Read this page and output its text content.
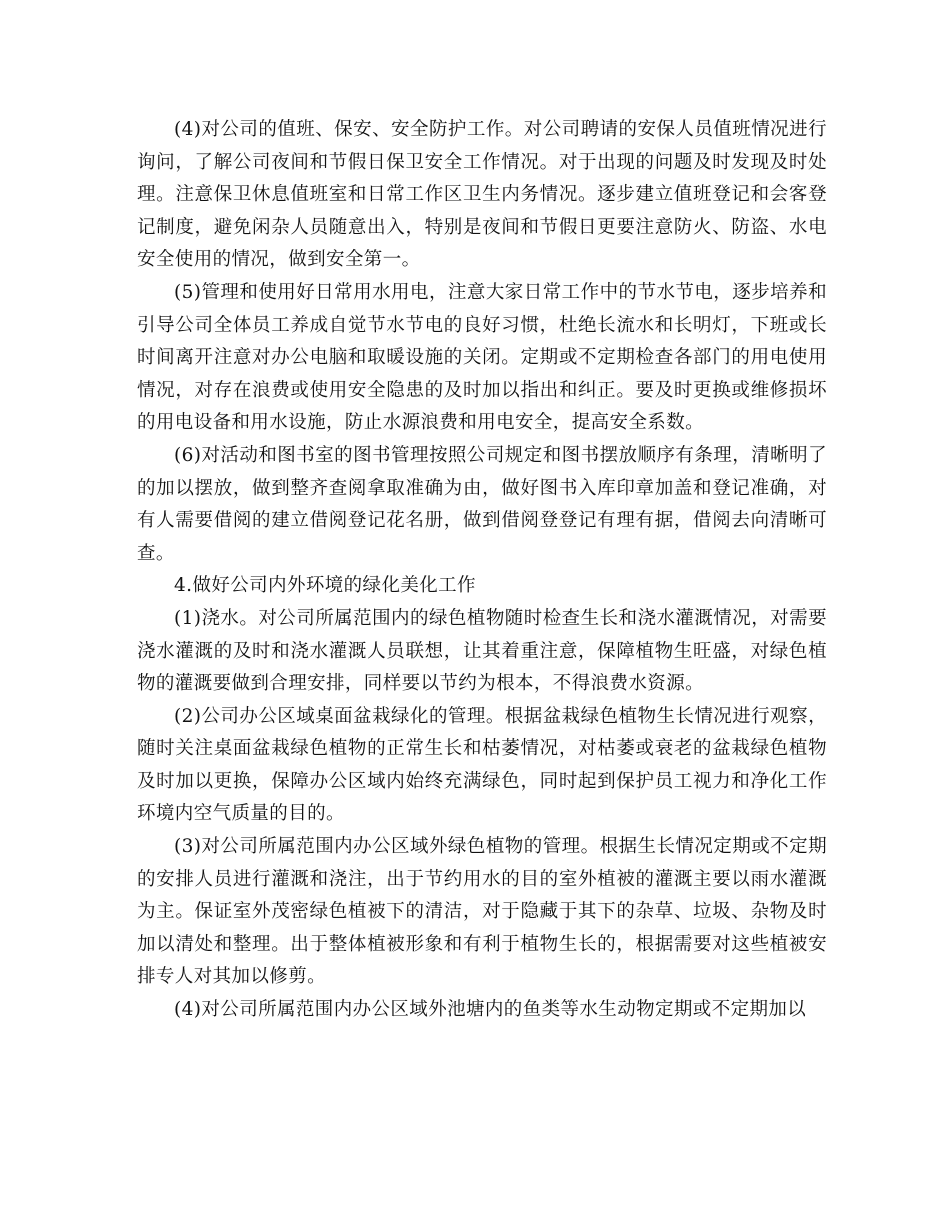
(4)对公司的值班、保安、安全防护工作。对公司聘请的安保人员值班情况进行询问，了解公司夜间和节假日保卫安全工作情况。对于出现的问题及时发现及时处理。注意保卫休息值班室和日常工作区卫生内务情况。逐步建立值班登记和会客登记制度，避免闲杂人员随意出入，特别是夜间和节假日更要注意防火、防盗、水电安全使用的情况，做到安全第一。

(5)管理和使用好日常用水用电，注意大家日常工作中的节水节电，逐步培养和引导公司全体员工养成自觉节水节电的良好习惯，杜绝长流水和长明灯，下班或长时间离开注意对办公电脑和取暖设施的关闭。定期或不定期检查各部门的用电使用情况，对存在浪费或使用安全隐患的及时加以指出和纠正。要及时更换或维修损坏的用电设备和用水设施，防止水源浪费和用电安全，提高安全系数。

(6)对活动和图书室的图书管理按照公司规定和图书摆放顺序有条理，清晰明了的加以摆放，做到整齐查阅拿取准确为由，做好图书入库印章加盖和登记准确，对有人需要借阅的建立借阅登记花名册，做到借阅登登记有理有据，借阅去向清晰可查。

4.做好公司内外环境的绿化美化工作

(1)浇水。对公司所属范围内的绿色植物随时检查生长和浇水灌溉情况，对需要浇水灌溉的及时和浇水灌溉人员联想，让其着重注意，保障植物生旺盛，对绿色植物的灌溉要做到合理安排，同样要以节约为根本，不得浪费水资源。

(2)公司办公区域桌面盆栽绿化的管理。根据盆栽绿色植物生长情况进行观察，随时关注桌面盆栽绿色植物的正常生长和枯萎情况，对枯萎或衰老的盆栽绿色植物及时加以更换，保障办公区域内始终充满绿色，同时起到保护员工视力和净化工作环境内空气质量的目的。

(3)对公司所属范围内办公区域外绿色植物的管理。根据生长情况定期或不定期的安排人员进行灌溉和浇注，出于节约用水的目的室外植被的灌溉主要以雨水灌溉为主。保证室外茂密绿色植被下的清洁，对于隐藏于其下的杂草、垃圾、杂物及时加以清处和整理。出于整体植被形象和有利于植物生长的，根据需要对这些植被安排专人对其加以修剪。

(4)对公司所属范围内办公区域外池塘内的鱼类等水生动物定期或不定期加以
